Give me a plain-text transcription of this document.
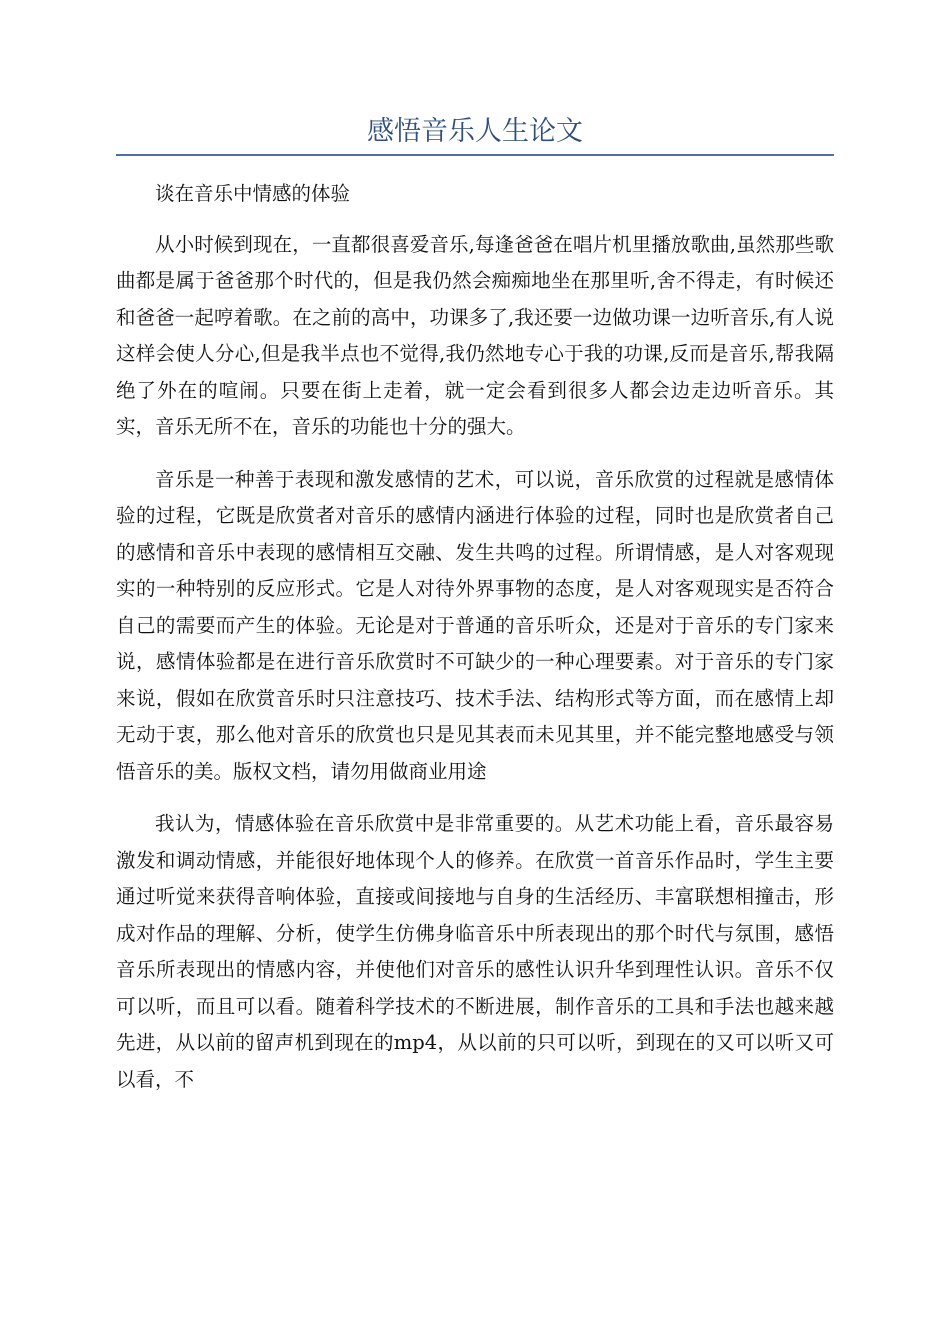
感悟音乐人生论文

谈在音乐中情感的体验

从小时候到现在，一直都很喜爱音乐,每逢爸爸在唱片机里播放歌曲,虽然那些歌曲都是属于爸爸那个时代的，但是我仍然会痴痴地坐在那里听,舍不得走，有时候还和爸爸一起哼着歌。在之前的高中，功课多了,我还要一边做功课一边听音乐,有人说这样会使人分心,但是我半点也不觉得,我仍然地专心于我的功课,反而是音乐,帮我隔绝了外在的喧闹。只要在街上走着，就一定会看到很多人都会边走边听音乐。其实，音乐无所不在，音乐的功能也十分的强大。

音乐是一种善于表现和激发感情的艺术，可以说，音乐欣赏的过程就是感情体验的过程，它既是欣赏者对音乐的感情内涵进行体验的过程，同时也是欣赏者自己的感情和音乐中表现的感情相互交融、发生共鸣的过程。所谓情感，是人对客观现实的一种特别的反应形式。它是人对待外界事物的态度，是人对客观现实是否符合自己的需要而产生的体验。无论是对于普通的音乐听众，还是对于音乐的专门家来说，感情体验都是在进行音乐欣赏时不可缺少的一种心理要素。对于音乐的专门家来说，假如在欣赏音乐时只注意技巧、技术手法、结构形式等方面，而在感情上却无动于衷，那么他对音乐的欣赏也只是见其表而未见其里，并不能完整地感受与领悟音乐的美。版权文档，请勿用做商业用途

我认为，情感体验在音乐欣赏中是非常重要的。从艺术功能上看，音乐最容易激发和调动情感，并能很好地体现个人的修养。在欣赏一首音乐作品时，学生主要通过听觉来获得音响体验，直接或间接地与自身的生活经历、丰富联想相撞击，形成对作品的理解、分析，使学生仿佛身临音乐中所表现出的那个时代与氛围，感悟音乐所表现出的情感内容，并使他们对音乐的感性认识升华到理性认识。音乐不仅可以听，而且可以看。随着科学技术的不断进展，制作音乐的工具和手法也越来越先进，从以前的留声机到现在的mp4，从以前的只可以听，到现在的又可以听又可以看，不
